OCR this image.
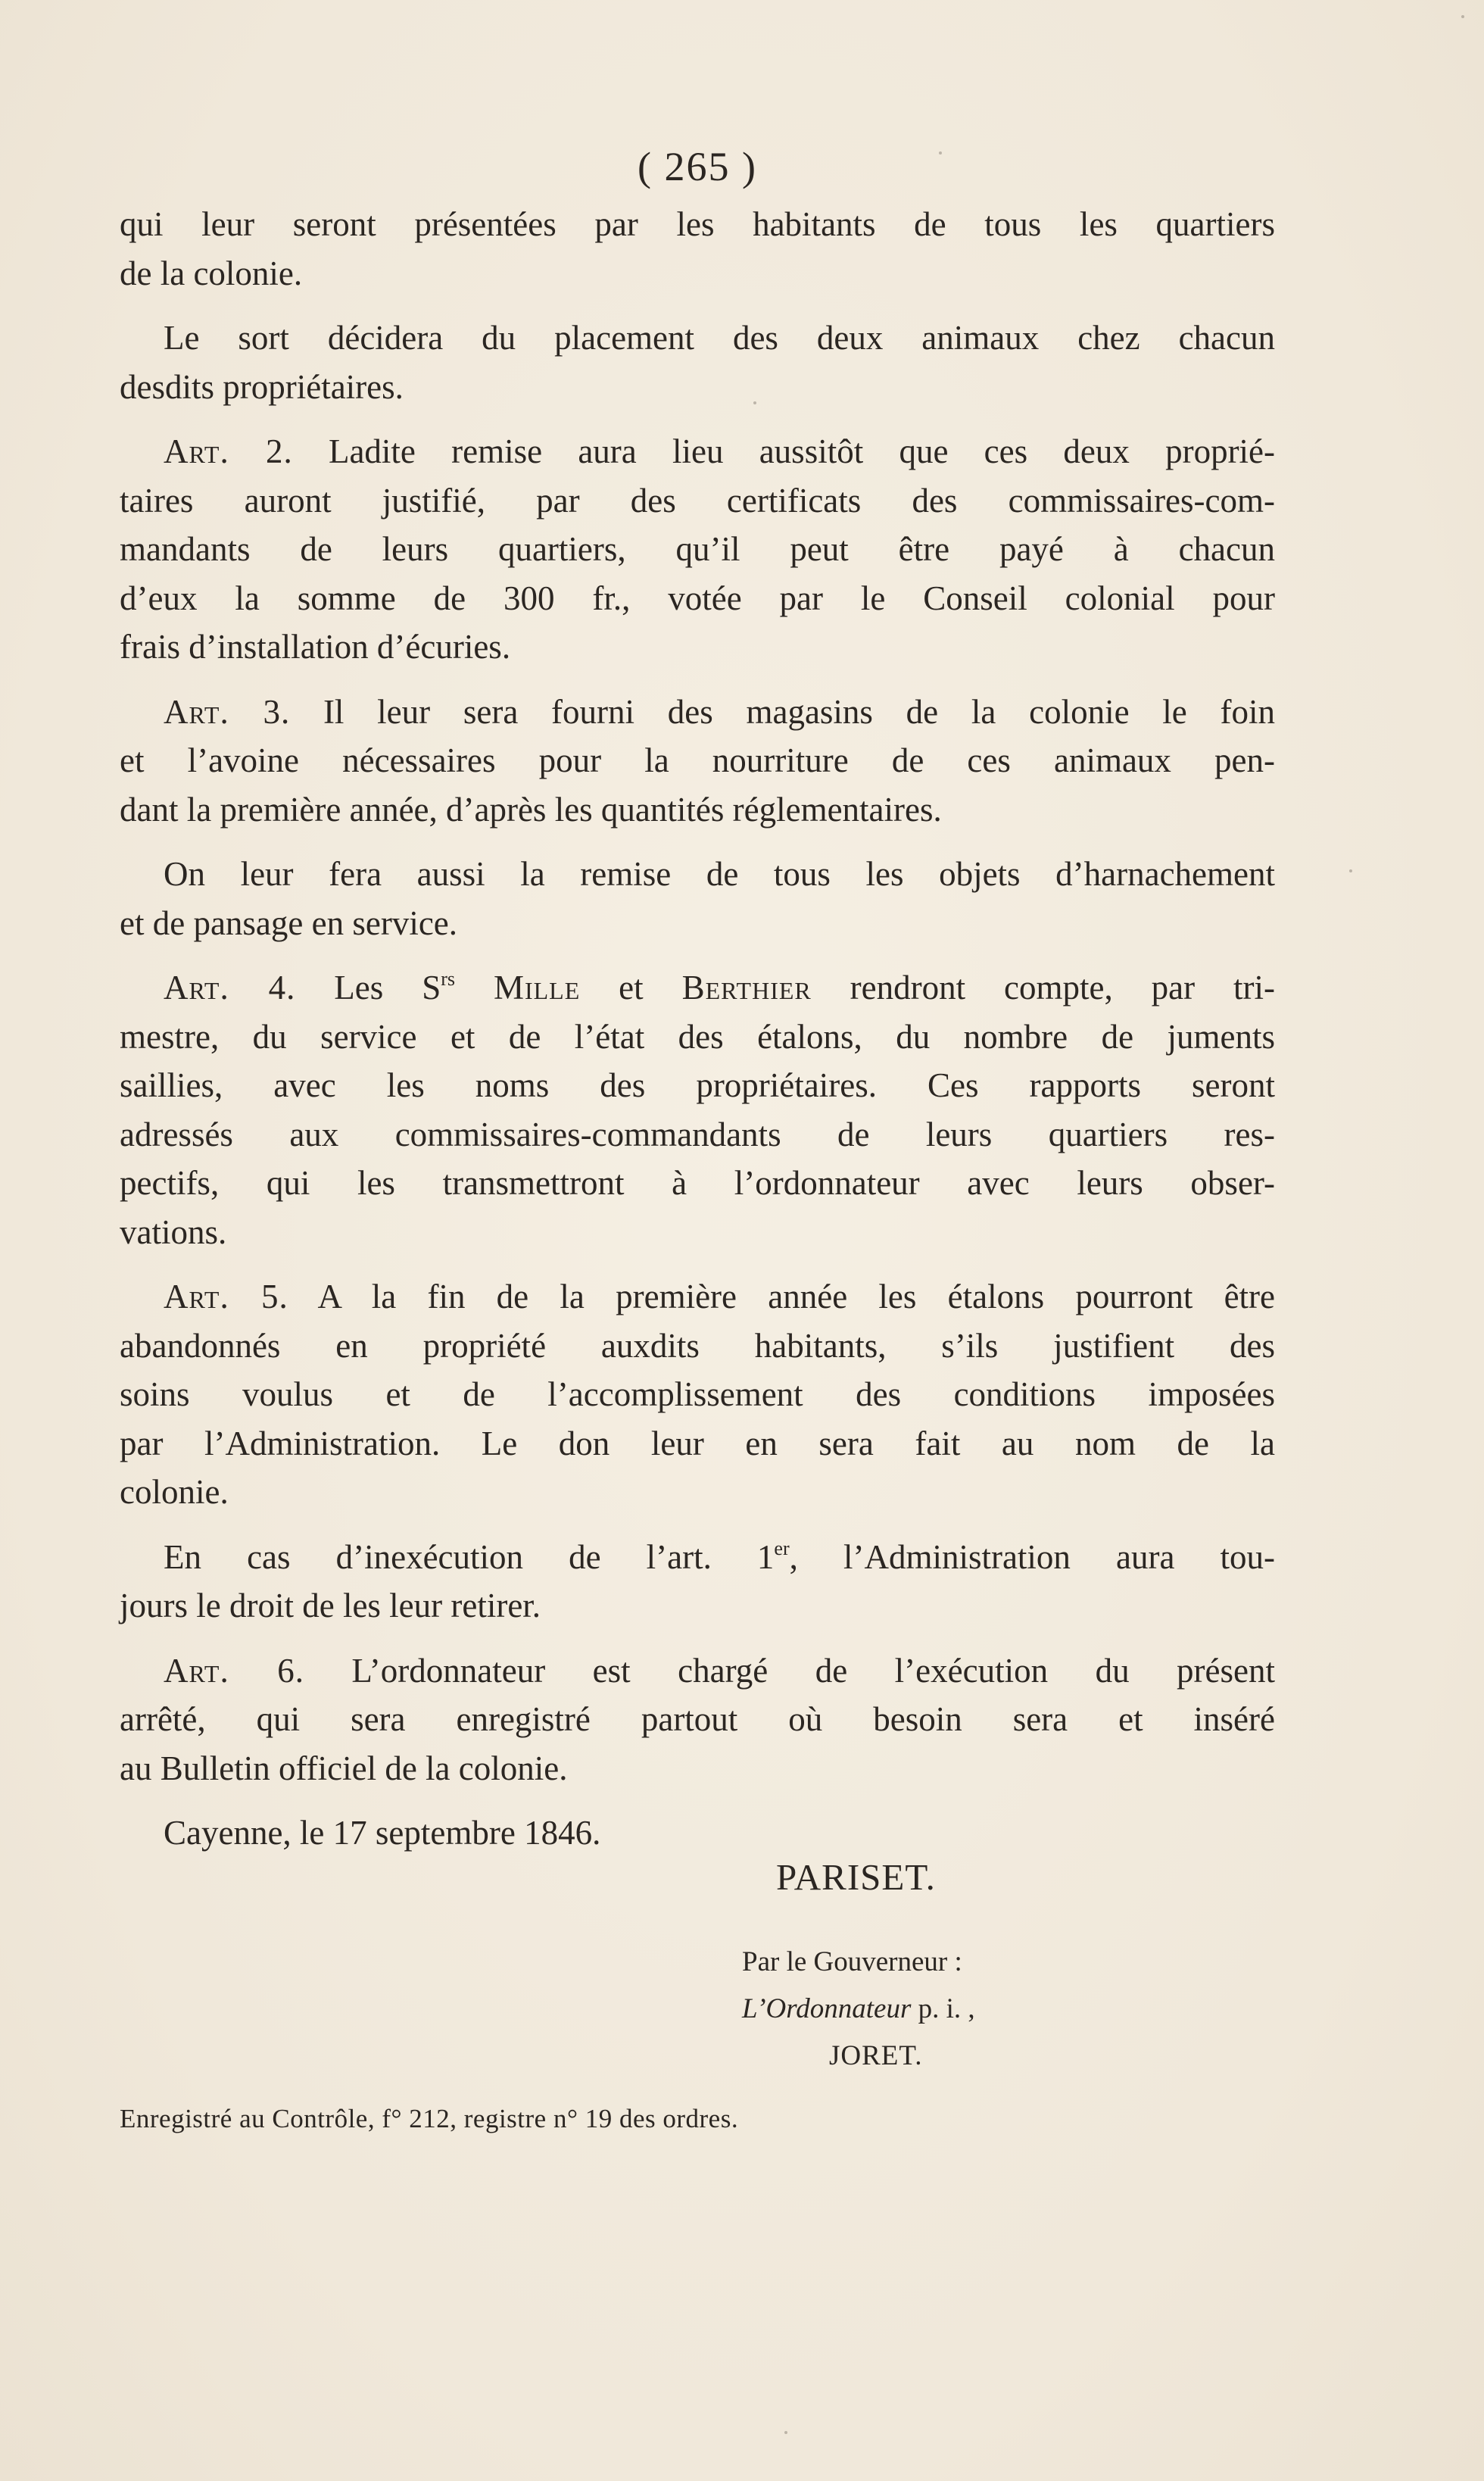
( 265 )

qui leur seront présentées par les habitants de tous les quartiers
de la colonie.

Le sort décidera du placement des deux animaux chez chacun
desdits propriétaires.

Art. 2. Ladite remise aura lieu aussitôt que ces deux proprié-
taires auront justifié, par des certificats des commissaires-com-
mandants de leurs quartiers, qu’il peut être payé à chacun
d’eux la somme de 300 fr., votée par le Conseil colonial pour
frais d’installation d’écuries.

Art. 3. Il leur sera fourni des magasins de la colonie le foin
et l’avoine nécessaires pour la nourriture de ces animaux pen-
dant la première année, d’après les quantités réglementaires.

On leur fera aussi la remise de tous les objets d’harnachement
et de pansage en service.

Art. 4. Les $S^{rs}$ Mille et Berthier rendront compte, par tri-
mestre, du service et de l’état des étalons, du nombre de juments
saillies, avec les noms des propriétaires. Ces rapports seront
adressés aux commissaires-commandants de leurs quartiers res-
pectifs, qui les transmettront à l’ordonnateur avec leurs obser-
vations.

Art. 5. A la fin de la première année les étalons pourront être
abandonnés en propriété auxdits habitants, s’ils justifient des
soins voulus et de l’accomplissement des conditions imposées
par l’Administration. Le don leur en sera fait au nom de la
colonie.

En cas d’inexécution de l’art. 1er, l’Administration aura tou-
jours le droit de les leur retirer.

Art. 6. L’ordonnateur est chargé de l’exécution du présent
arrêté, qui sera enregistré partout où besoin sera et inséré
au Bulletin officiel de la colonie.

Cayenne, le 17 septembre 1846.

PARISET.
Par le Gouverneur :
L’Ordonnateur p. i. ,
JORET.
Enregistré au Contrôle, f° 212, registre n° 19 des ordres.
